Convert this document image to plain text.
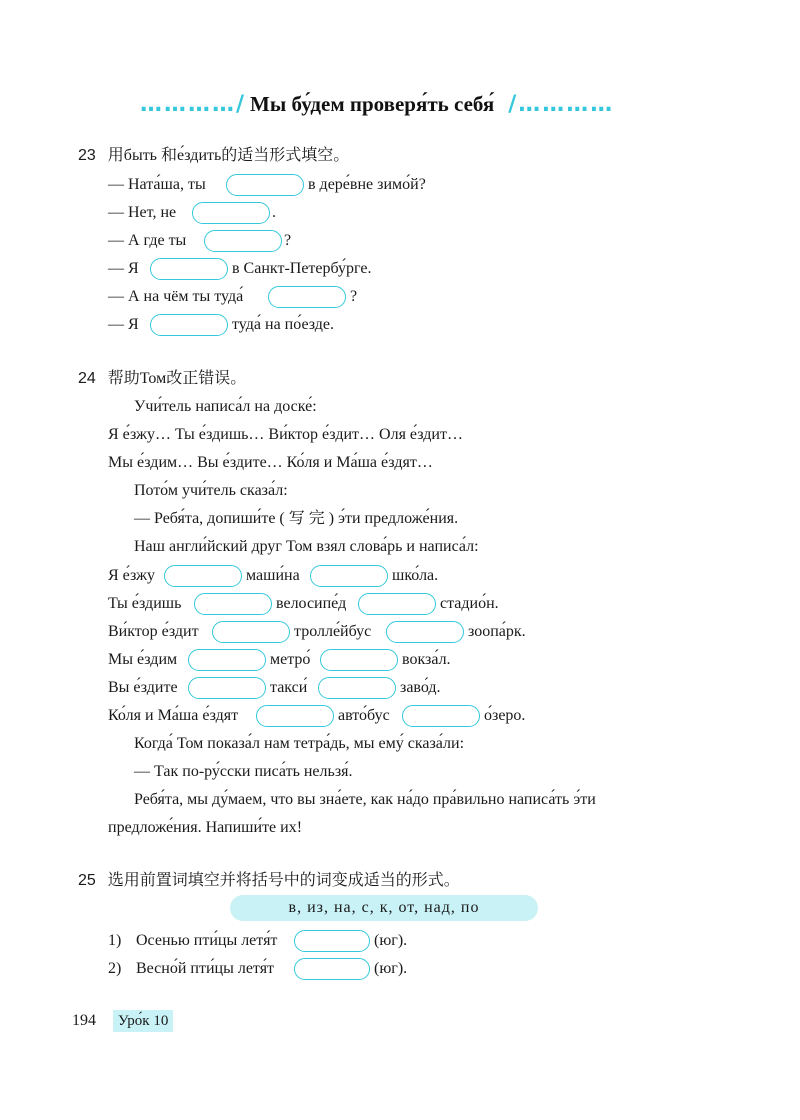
…………/ Мы бу́дем проверя́ть себя́ /…………
23 用быть 和е́здить的适当形式填空。
— Ната́ша, ты	в дере́вне зимо́й?
— Нет, не	.
— А где ты	?
— Я	в Санкт-Петербу́рге.
— А на чём ты туда́	?
— Я	туда́ на по́езде.
24 帮助Том改正错误。
Учи́тель написа́л на доске́:
Я е́зжу… Ты е́здишь… Ви́ктор е́здит… Оля е́здит…
Мы е́здим… Вы е́здите… Ко́ля и Ма́ша е́здят…
Пото́м учи́тель сказа́л:
— Ребя́та, допиши́те ( 写 完 ) э́ти предложе́ния.
Наш англи́йский друг Том взял слова́рь и написа́л:
Я е́зжу	маши́на	шко́ла.
Ты е́здишь	велосипе́д	стадио́н.
Ви́ктор е́здит	тролле́йбус	зоопа́рк.
Мы е́здим	метро́	вокза́л.
Вы е́здите	такси́	заво́д.
Ко́ля и Ма́ша е́здят	авто́бус	о́зеро.
Когда́ Том показа́л нам тетра́дь, мы ему́ сказа́ли:
— Так по-ру́сски писа́ть нельзя́.
Ребя́та, мы ду́маем, что вы зна́ете, как на́до пра́вильно написа́ть э́ти
предложе́ния. Напиши́те их!
25 选用前置词填空并将括号中的词变成适当的形式。
в, из, на, с, к, от, над, по
1) Осенью пти́цы летя́т	(юг).
2) Весно́й пти́цы летя́т	(юг).
194	Уро́к 10
